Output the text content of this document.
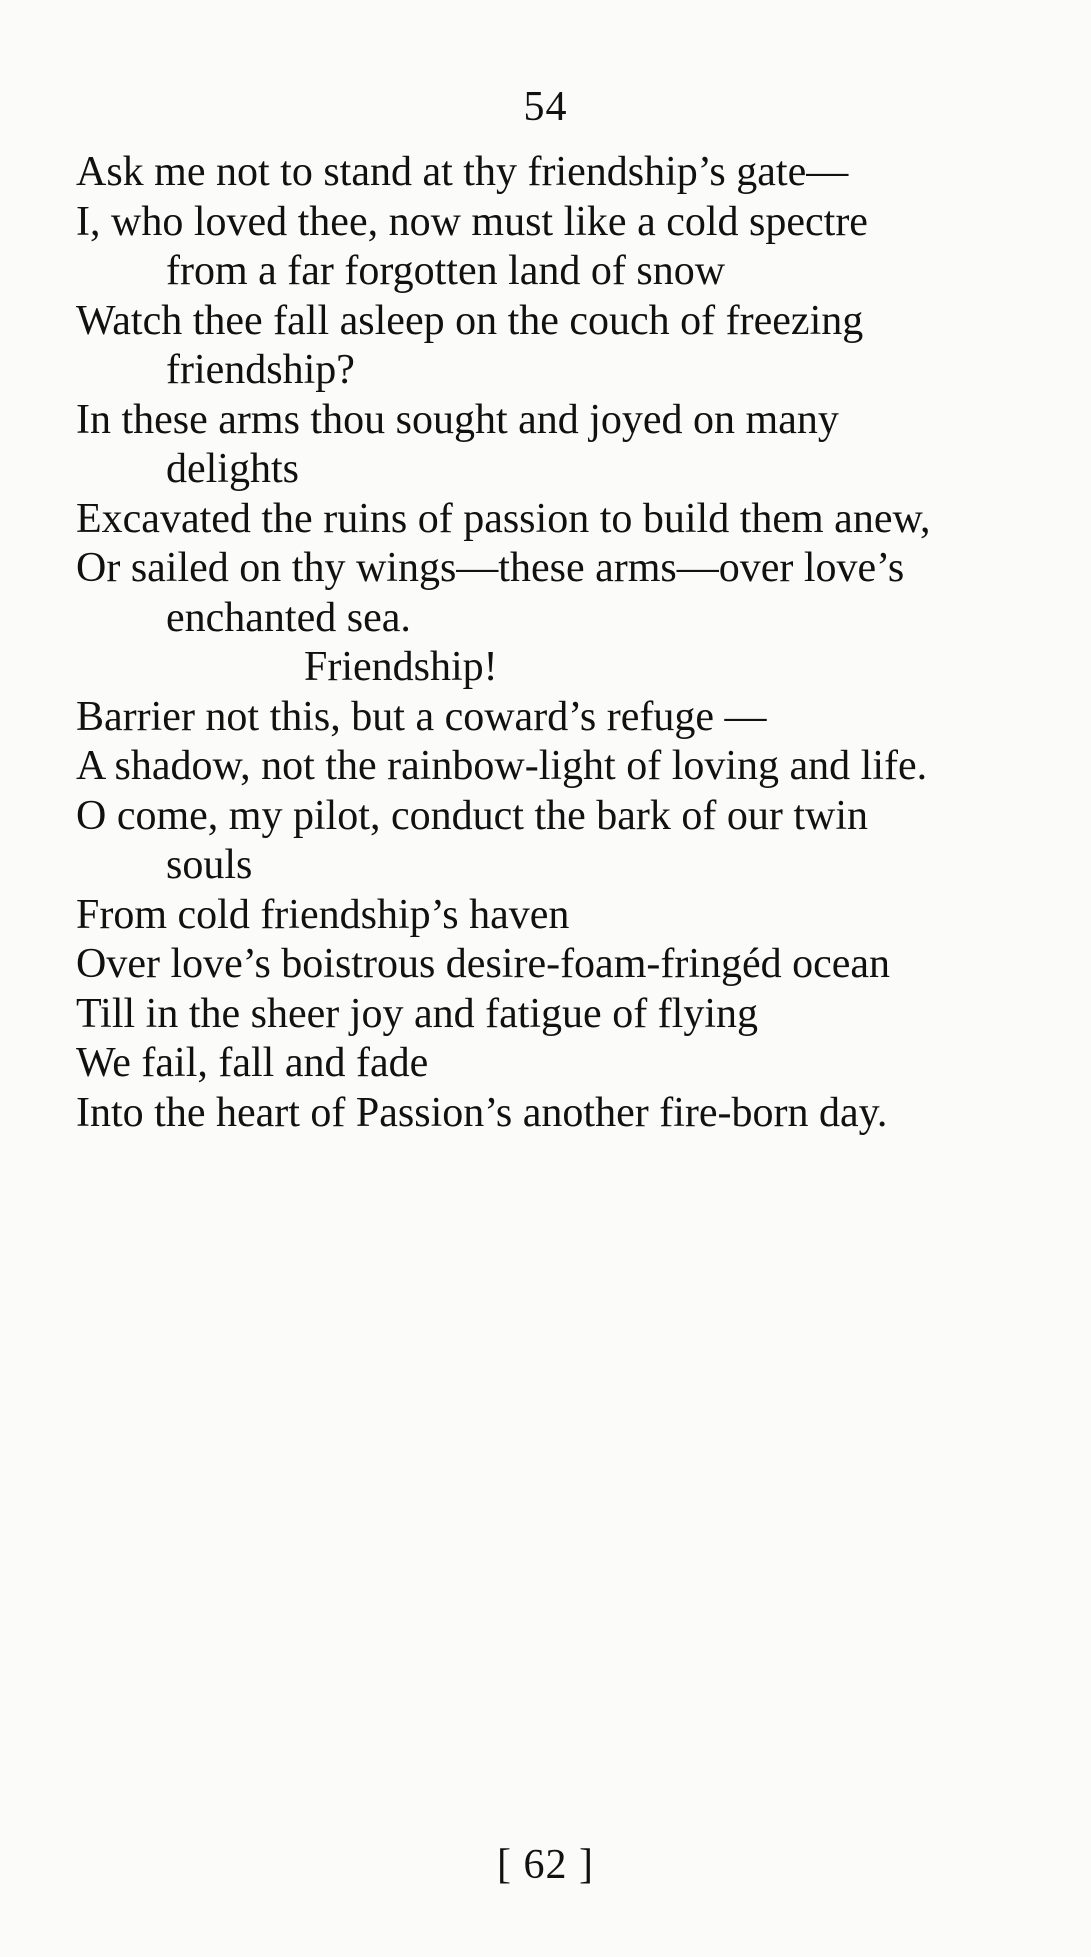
54
Ask me not to stand at thy friendship’s gate—
I, who loved thee, now must like a cold spectre
from a far forgotten land of snow
Watch thee fall asleep on the couch of freezing
friendship?
In these arms thou sought and joyed on many
delights
Excavated the ruins of passion to build them anew,
Or sailed on thy wings—these arms—over love’s
enchanted sea.
Friendship!
Barrier not this, but a coward’s refuge —
A shadow, not the rainbow-light of loving and life.
O come, my pilot, conduct the bark of our twin
souls
From cold friendship’s haven
Over love’s boistrous desire-foam-fringéd ocean
Till in the sheer joy and fatigue of flying
We fail, fall and fade
Into the heart of Passion’s another fire-born day.
[ 62 ]
